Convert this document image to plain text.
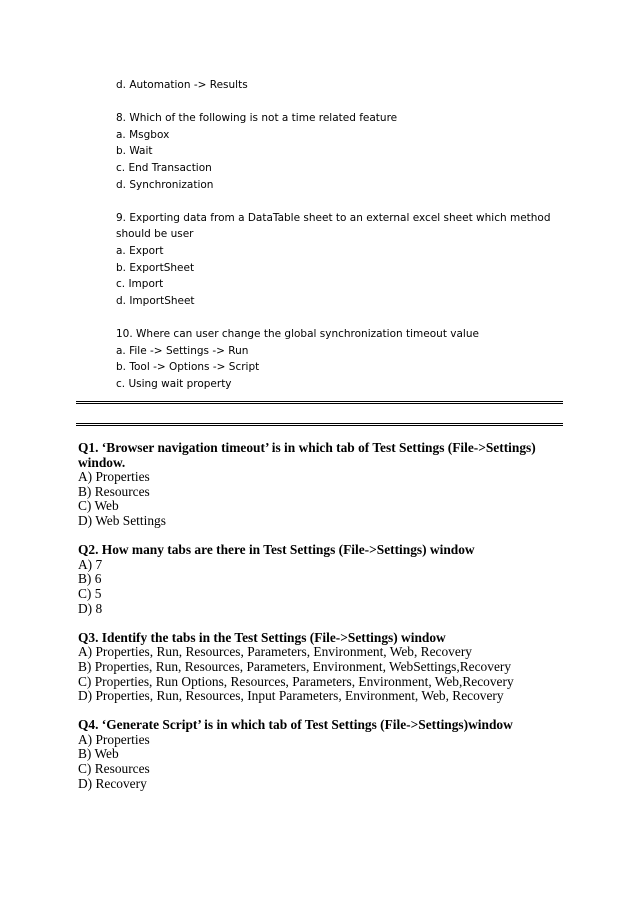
d. Automation -> Results
8. Which of the following is not a time related feature
a. Msgbox
b. Wait
c. End Transaction
d. Synchronization
9. Exporting data from a DataTable sheet to an external excel sheet which method should be user
a. Export
b. ExportSheet
c. Import
d. ImportSheet
10. Where can user change the global synchronization timeout value
a. File -> Settings -> Run
b. Tool -> Options -> Script
c. Using wait property
Q1. ‘Browser navigation timeout’ is in which tab of Test Settings (File->Settings) window.
A) Properties
B) Resources
C) Web
D) Web Settings
Q2. How many tabs are there in Test Settings (File->Settings) window
A) 7
B) 6
C) 5
D) 8
Q3. Identify the tabs in the Test Settings (File->Settings) window
A) Properties, Run, Resources, Parameters, Environment, Web, Recovery
B) Properties, Run, Resources, Parameters, Environment, WebSettings,Recovery
C) Properties, Run Options, Resources, Parameters, Environment, Web,Recovery
D) Properties, Run, Resources, Input Parameters, Environment, Web, Recovery
Q4. ‘Generate Script’ is in which tab of Test Settings (File->Settings)window
A) Properties
B) Web
C) Resources
D) Recovery
